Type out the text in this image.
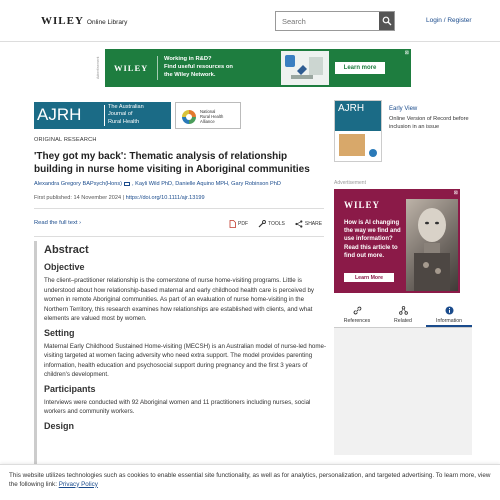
WILEY Online Library
Search	Login / Register
Advertisement	WILEY
Working in R&D?
Find useful resources on
the Wiley Network.
Learn more
⊠
AJRH	The Australian
Journal of
Rural Health
National
Rural Health
Alliance
ORIGINAL RESEARCH
'They got my back': Thematic analysis of relationship building in nurse home visiting in Aboriginal communities
Alexandra Gregory BAPsych(Hons) , Kayli Wild PhD, Danielle Aquino MPH, Gary Robinson PhD
First published: 14 November 2024 | https://doi.org/10.1111/ajr.13199
Read the full text ›	PDF	TOOLS	SHARE
Abstract
Objective

The client–practitioner relationship is the cornerstone of nurse home-visiting programs. Little is understood about how relationship-based maternal and early childhood health care is perceived by women in remote Aboriginal communities. As part of an evaluation of nurse home-visiting in the Northern Territory, this research examines how relationships are established with clients, and what elements are valued most by women.

Setting

Maternal Early Childhood Sustained Home-visiting (MECSH) is an Australian model of nurse-led home-visiting targeted at women facing adversity who need extra support. The model provides parenting information, health education and psychosocial support during pregnancy and the first 3 years of children's development.

Participants

Interviews were conducted with 92 Aboriginal women and 11 practitioners including nurses, social workers and community workers.

Design
AJRH	Early View
Online Version of Record before inclusion in an issue
Advertisement
WILEY
How is AI changing the way we find and use information? Read this article to find out more.
Learn More
⊠
References	Related	Information
This website utilizes technologies such as cookies to enable essential site functionality, as well as for analytics, personalization, and targeted advertising. To learn more, view the following link: Privacy Policy
